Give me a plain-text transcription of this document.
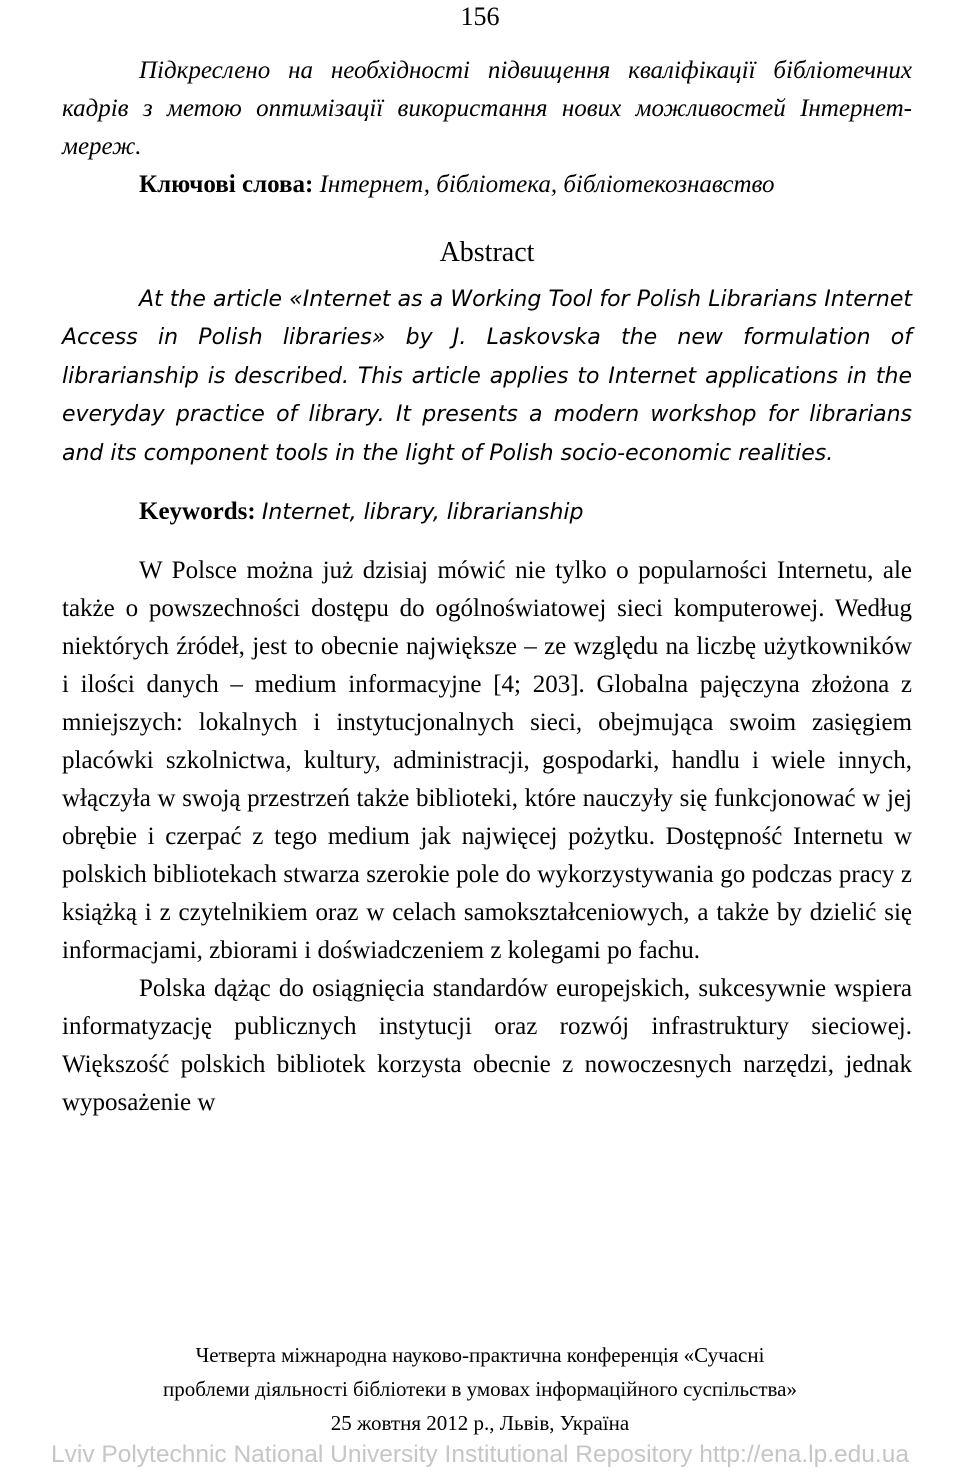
156

Підкреслено на необхідності підвищення кваліфікації бібліотечних кадрів з метою оптимізації використання нових можливостей Інтернет-мереж.

Ключові слова: Інтернет, бібліотека, бібліотекознавство

Abstract

At the article «Internet as a Working Tool for Polish Librarians Internet Access in Polish libraries» by J. Laskovska the new formulation of librarianship is described. This article applies to Internet applications in the everyday practice of library. It presents a modern workshop for librarians and its component tools in the light of Polish socio-economic realities.

Keywords: Internet, library, librarianship

W Polsce można już dzisiaj mówić nie tylko o popularności Internetu, ale także o powszechności dostępu do ogólnoświatowej sieci komputerowej. Według niektórych źródeł, jest to obecnie największe – ze względu na liczbę użytkowników i ilości danych – medium informacyjne [4; 203]. Globalna pajęczyna złożona z mniejszych: lokalnych i instytucjonalnych sieci, obejmująca swoim zasięgiem placówki szkolnictwa, kultury, administracji, gospodarki, handlu i wiele innych, włączyła w swoją przestrzeń także biblioteki, które nauczyły się funkcjonować w jej obrębie i czerpać z tego medium jak najwięcej pożytku. Dostępność Internetu w polskich bibliotekach stwarza szerokie pole do wykorzystywania go podczas pracy z książką i z czytelnikiem oraz w celach samokształceniowych, a także by dzielić się informacjami, zbiorami i doświadczeniem z kolegami po fachu.

Polska dążąc do osiągnięcia standardów europejskich, sukcesywnie wspiera informatyzację publicznych instytucji oraz rozwój infrastruktury sieciowej. Większość polskich bibliotek korzysta obecnie z nowoczesnych narzędzi, jednak wyposażenie w

Четверта міжнародна науково-практична конференція «Сучасні
проблеми діяльності бібліотеки в умовах інформаційного суспільства»
25 жовтня 2012 р., Львів, Україна
Lviv Polytechnic National University Institutional Repository http://ena.lp.edu.ua
